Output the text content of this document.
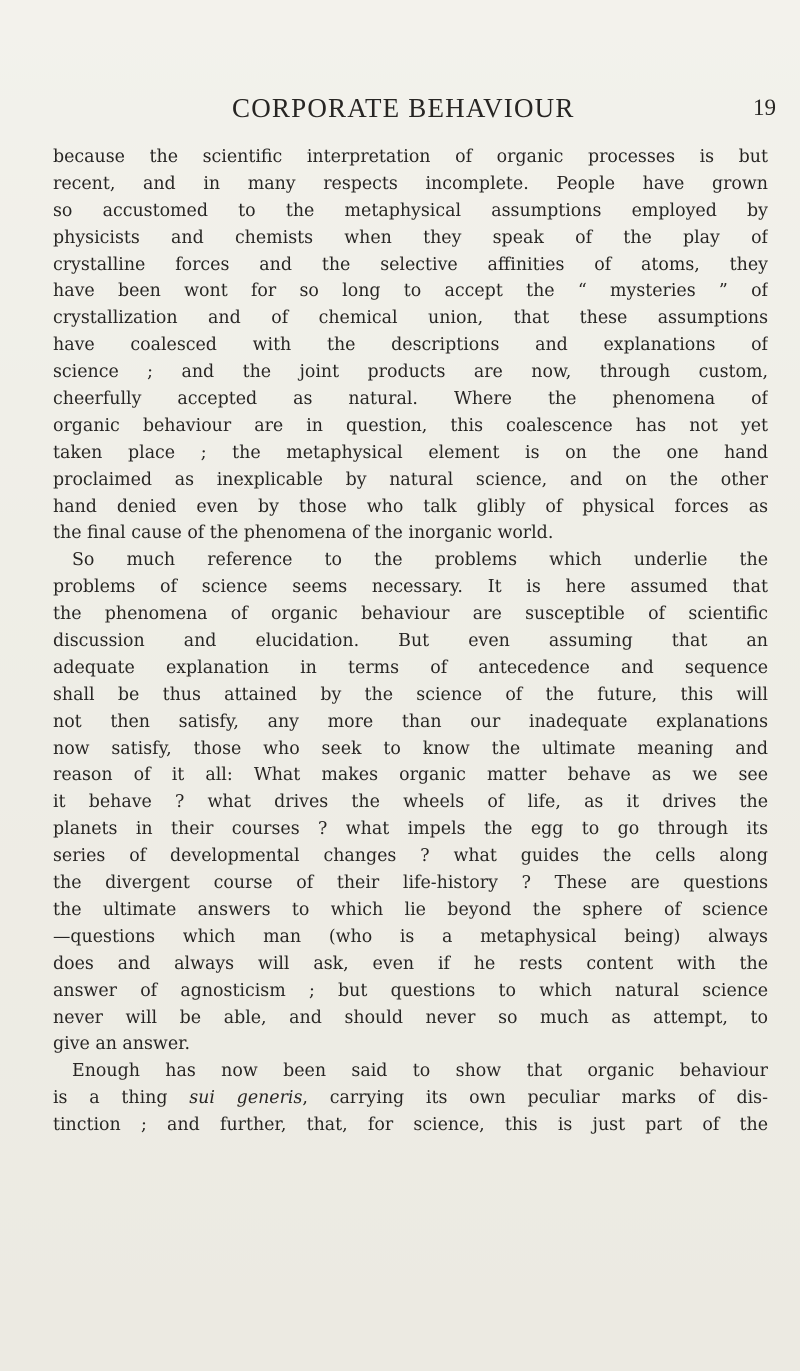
CORPORATE BEHAVIOUR	19
because the scientific interpretation of organic processes is but
recent, and in many respects incomplete. People have grown
so accustomed to the metaphysical assumptions employed by
physicists and chemists when they speak of the play of
crystalline forces and the selective affinities of atoms, they
have been wont for so long to accept the “ mysteries ” of
crystallization and of chemical union, that these assumptions
have coalesced with the descriptions and explanations of
science ; and the joint products are now, through custom,
cheerfully accepted as natural. Where the phenomena of
organic behaviour are in question, this coalescence has not yet
taken place ; the metaphysical element is on the one hand
proclaimed as inexplicable by natural science, and on the other
hand denied even by those who talk glibly of physical forces as
the final cause of the phenomena of the inorganic world.
So much reference to the problems which underlie the
problems of science seems necessary. It is here assumed that
the phenomena of organic behaviour are susceptible of scientific
discussion and elucidation. But even assuming that an
adequate explanation in terms of antecedence and sequence
shall be thus attained by the science of the future, this will
not then satisfy, any more than our inadequate explanations
now satisfy, those who seek to know the ultimate meaning and
reason of it all: What makes organic matter behave as we see
it behave ? what drives the wheels of life, as it drives the
planets in their courses ? what impels the egg to go through its
series of developmental changes ? what guides the cells along
the divergent course of their life-history ? These are questions
the ultimate answers to which lie beyond the sphere of science
—questions which man (who is a metaphysical being) always
does and always will ask, even if he rests content with the
answer of agnosticism ; but questions to which natural science
never will be able, and should never so much as attempt, to
give an answer.
Enough has now been said to show that organic behaviour
is a thing sui generis, carrying its own peculiar marks of dis-
tinction ; and further, that, for science, this is just part of the
